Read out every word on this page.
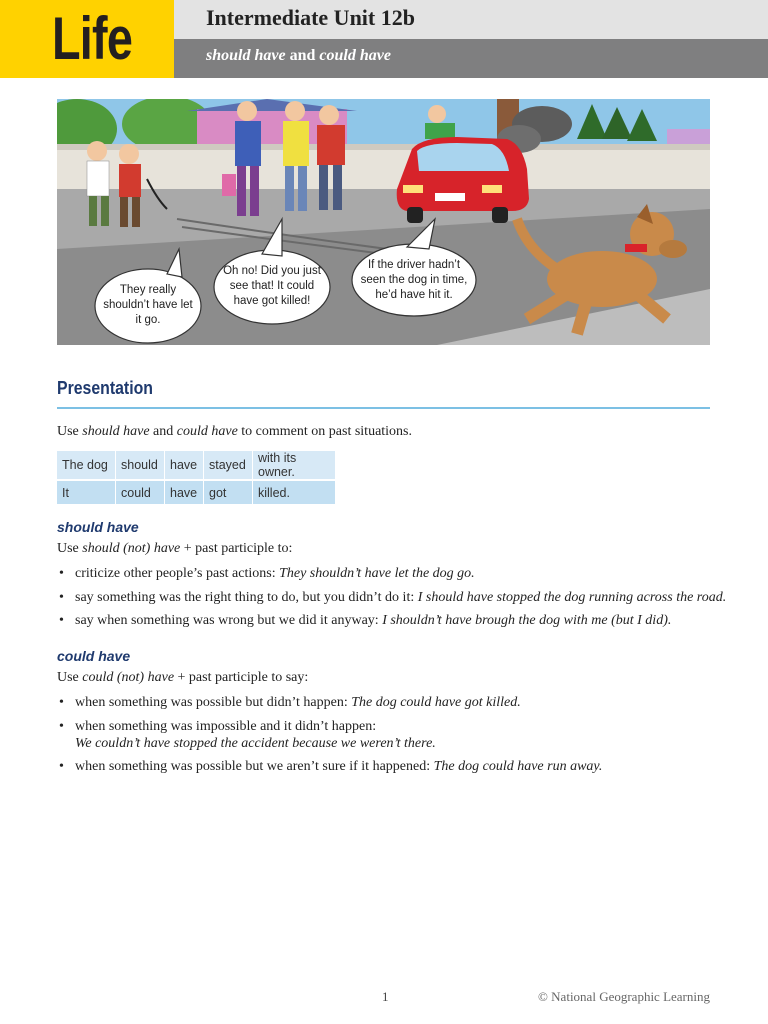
Life	Intermediate Unit 12b
should have and could have
They really shouldn’t have let it go.
Oh no! Did you just see that! It could have got killed!
If the driver hadn’t seen the dog in time, he’d have hit it.
Presentation
Use should have and could have to comment on past situations.
The dog	should	have	stayed	with its owner.
It	could	have	got	killed.
should have
Use should (not) have + past participle to:
• criticize other people’s past actions: They shouldn’t have let the dog go.
• say something was the right thing to do, but you didn’t do it: I should have stopped the dog running across the road.
• say when something was wrong but we did it anyway: I shouldn’t have brough the dog with me (but I did).
could have
Use could (not) have + past participle to say:
• when something was possible but didn’t happen: The dog could have got killed.
• when something was impossible and it didn’t happen:
We couldn’t have stopped the accident because we weren’t there.
• when something was possible but we aren’t sure if it happened: The dog could have run away.
1	© National Geographic Learning
